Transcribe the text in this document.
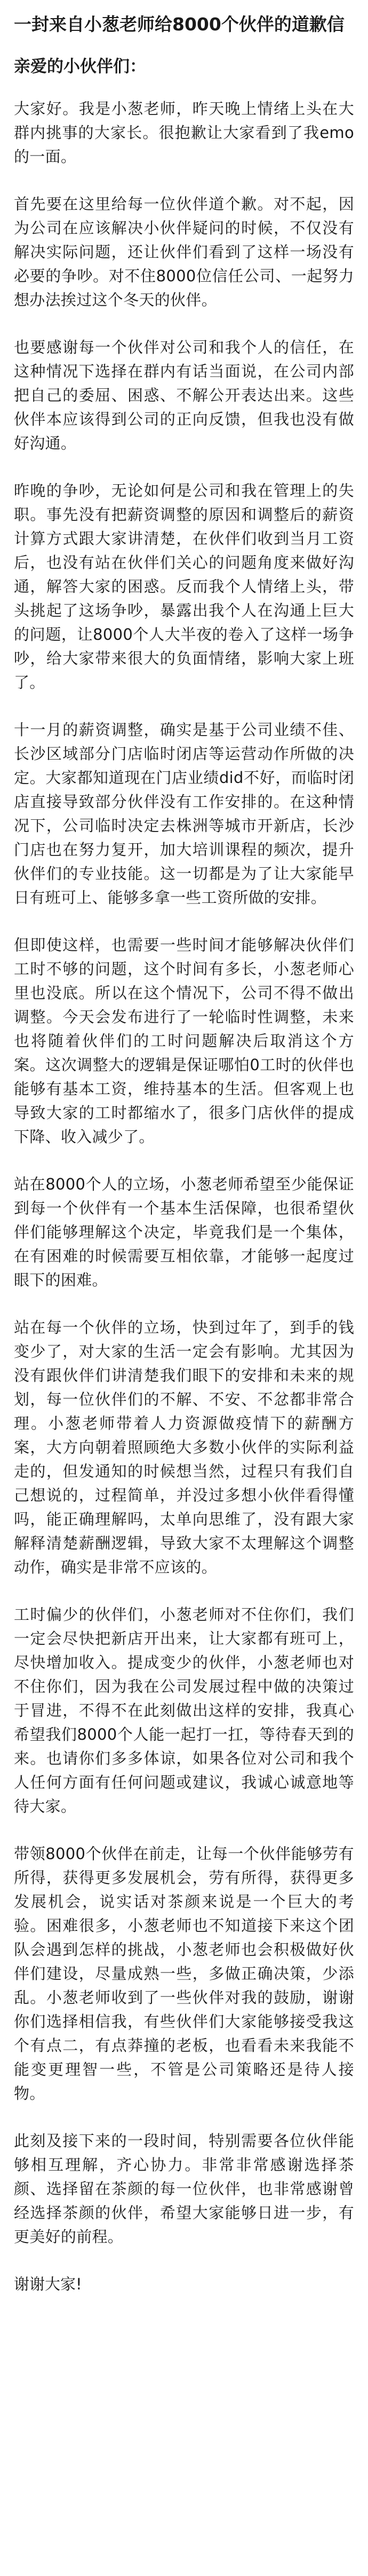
一封来自小葱老师给8000个伙伴的道歉信

亲爱的小伙伴们：

大家好。我是小葱老师，昨天晚上情绪上头在大群内挑事的大家长。很抱歉让大家看到了我emo的一面。

首先要在这里给每一位伙伴道个歉。对不起，因为公司在应该解决小伙伴疑问的时候，不仅没有解决实际问题，还让伙伴们看到了这样一场没有必要的争吵。对不住8000位信任公司、一起努力想办法挨过这个冬天的伙伴。

也要感谢每一个伙伴对公司和我个人的信任，在这种情况下选择在群内有话当面说，在公司内部把自己的委屈、困惑、不解公开表达出来。这些伙伴本应该得到公司的正向反馈，但我也没有做好沟通。

昨晚的争吵，无论如何是公司和我在管理上的失职。事先没有把薪资调整的原因和调整后的薪资计算方式跟大家讲清楚，在伙伴们收到当月工资后，也没有站在伙伴们关心的问题角度来做好沟通，解答大家的困惑。反而我个人情绪上头，带头挑起了这场争吵，暴露出我个人在沟通上巨大的问题，让8000个人大半夜的卷入了这样一场争吵，给大家带来很大的负面情绪，影响大家上班了。

十一月的薪资调整，确实是基于公司业绩不佳、长沙区域部分门店临时闭店等运营动作所做的决定。大家都知道现在门店业绩did不好，而临时闭店直接导致部分伙伴没有工作安排的。在这种情况下，公司临时决定去株洲等城市开新店，长沙门店也在努力复开，加大培训课程的频次，提升伙伴们的专业技能。这一切都是为了让大家能早日有班可上、能够多拿一些工资所做的安排。

但即使这样，也需要一些时间才能够解决伙伴们工时不够的问题，这个时间有多长，小葱老师心里也没底。所以在这个情况下，公司不得不做出调整。今天会发布进行了一轮临时性调整，未来也将随着伙伴们的工时问题解决后取消这个方案。这次调整大的逻辑是保证哪怕0工时的伙伴也能够有基本工资，维持基本的生活。但客观上也导致大家的工时都缩水了，很多门店伙伴的提成下降、收入减少了。

站在8000个人的立场，小葱老师希望至少能保证到每一个伙伴有一个基本生活保障，也很希望伙伴们能够理解这个决定，毕竟我们是一个集体，在有困难的时候需要互相依靠，才能够一起度过眼下的困难。

站在每一个伙伴的立场，快到过年了，到手的钱变少了，对大家的生活一定会有影响。尤其因为没有跟伙伴们讲清楚我们眼下的安排和未来的规划，每一位伙伴们的不解、不安、不忿都非常合理。小葱老师带着人力资源做疫情下的薪酬方案，大方向朝着照顾绝大多数小伙伴的实际利益走的，但发通知的时候想当然，过程只有我们自己想说的，过程简单，并没过多想小伙伴看得懂吗，能正确理解吗，太单向思维了，没有跟大家解释清楚薪酬逻辑，导致大家不太理解这个调整动作，确实是非常不应该的。

工时偏少的伙伴们，小葱老师对不住你们，我们一定会尽快把新店开出来，让大家都有班可上，尽快增加收入。提成变少的伙伴，小葱老师也对不住你们，因为我在公司发展过程中做的决策过于冒进，不得不在此刻做出这样的安排，我真心希望我们8000个人能一起打一扛，等待春天到的来。也请你们多多体谅，如果各位对公司和我个人任何方面有任何问题或建议，我诚心诚意地等待大家。

带领8000个伙伴在前走，让每一个伙伴能够劳有所得，获得更多发展机会，劳有所得，获得更多发展机会，说实话对茶颜来说是一个巨大的考验。困难很多，小葱老师也不知道接下来这个团队会遇到怎样的挑战，小葱老师也会积极做好伙伴们建设，尽量成熟一些，多做正确决策，少添乱。小葱老师收到了一些伙伴对我的鼓励，谢谢你们选择相信我，有些伙伴们大家能够接受我这个有点二，有点莽撞的老板，也看看未来我能不能变更理智一些，不管是公司策略还是待人接物。

此刻及接下来的一段时间，特别需要各位伙伴能够相互理解，齐心协力。非常非常感谢选择茶颜、选择留在茶颜的每一位伙伴，也非常感谢曾经选择茶颜的伙伴，希望大家能够日进一步，有更美好的前程。

谢谢大家!
